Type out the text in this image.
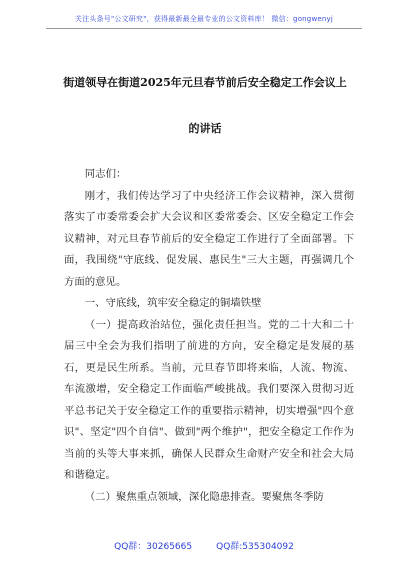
关注头条号"公文研究"，获得最新最全最专业的公文资料库！ 微信：gongwenyj
街道领导在街道2025年元旦春节前后安全稳定工作会议上
的讲话

同志们：

刚才，我们传达学习了中央经济工作会议精神，深入贯彻落实了市委常委会扩大会议和区委常委会、区安全稳定工作会议精神，对元旦春节前后的安全稳定工作进行了全面部署。下面，我围绕"守底线、促发展、惠民生"三大主题，再强调几个方面的意见。

一、守底线，筑牢安全稳定的铜墙铁壁

（一）提高政治站位，强化责任担当。党的二十大和二十届三中全会为我们指明了前进的方向，安全稳定是发展的基石，更是民生所系。当前，元旦春节即将来临，人流、物流、车流激增，安全稳定工作面临严峻挑战。我们要深入贯彻习近平总书记关于安全稳定工作的重要指示精神，切实增强"四个意识"、坚定"四个自信"、做到"两个维护"，把安全稳定工作作为当前的头等大事来抓，确保人民群众生命财产安全和社会大局和谐稳定。

（二）聚焦重点领域，深化隐患排查。要聚焦冬季防

QQ群：30265665	QQ群:535304092
